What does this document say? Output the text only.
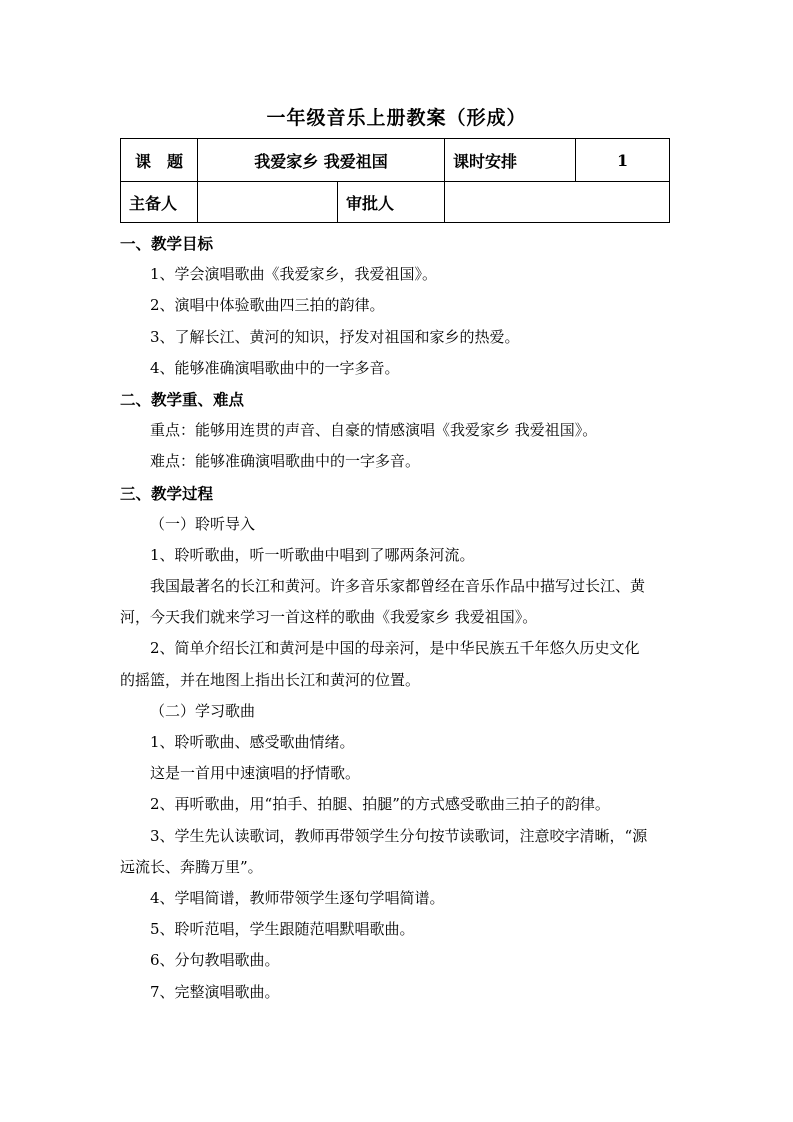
一年级音乐上册教案（形成）
课　题	我爱家乡 我爱祖国		课时安排	1
主备人		审批人		
一、教学目标
1、学会演唱歌曲《我爱家乡，我爱祖国》。
2、演唱中体验歌曲四三拍的韵律。
3、了解长江、黄河的知识，抒发对祖国和家乡的热爱。
4、能够准确演唱歌曲中的一字多音。
二、教学重、难点
重点：能够用连贯的声音、自豪的情感演唱《我爱家乡 我爱祖国》。
难点：能够准确演唱歌曲中的一字多音。
三、教学过程
（一）聆听导入
1、聆听歌曲，听一听歌曲中唱到了哪两条河流。
我国最著名的长江和黄河。许多音乐家都曾经在音乐作品中描写过长江、黄
河，今天我们就来学习一首这样的歌曲《我爱家乡 我爱祖国》。
2、简单介绍长江和黄河是中国的母亲河，是中华民族五千年悠久历史文化
的摇篮，并在地图上指出长江和黄河的位置。
（二）学习歌曲
1、聆听歌曲、感受歌曲情绪。
这是一首用中速演唱的抒情歌。
2、再听歌曲，用“拍手、拍腿、拍腿”的方式感受歌曲三拍子的韵律。
3、学生先认读歌词，教师再带领学生分句按节读歌词，注意咬字清晰，“源
远流长、奔腾万里”。
4、学唱简谱，教师带领学生逐句学唱简谱。
5、聆听范唱，学生跟随范唱默唱歌曲。
6、分句教唱歌曲。
7、完整演唱歌曲。
